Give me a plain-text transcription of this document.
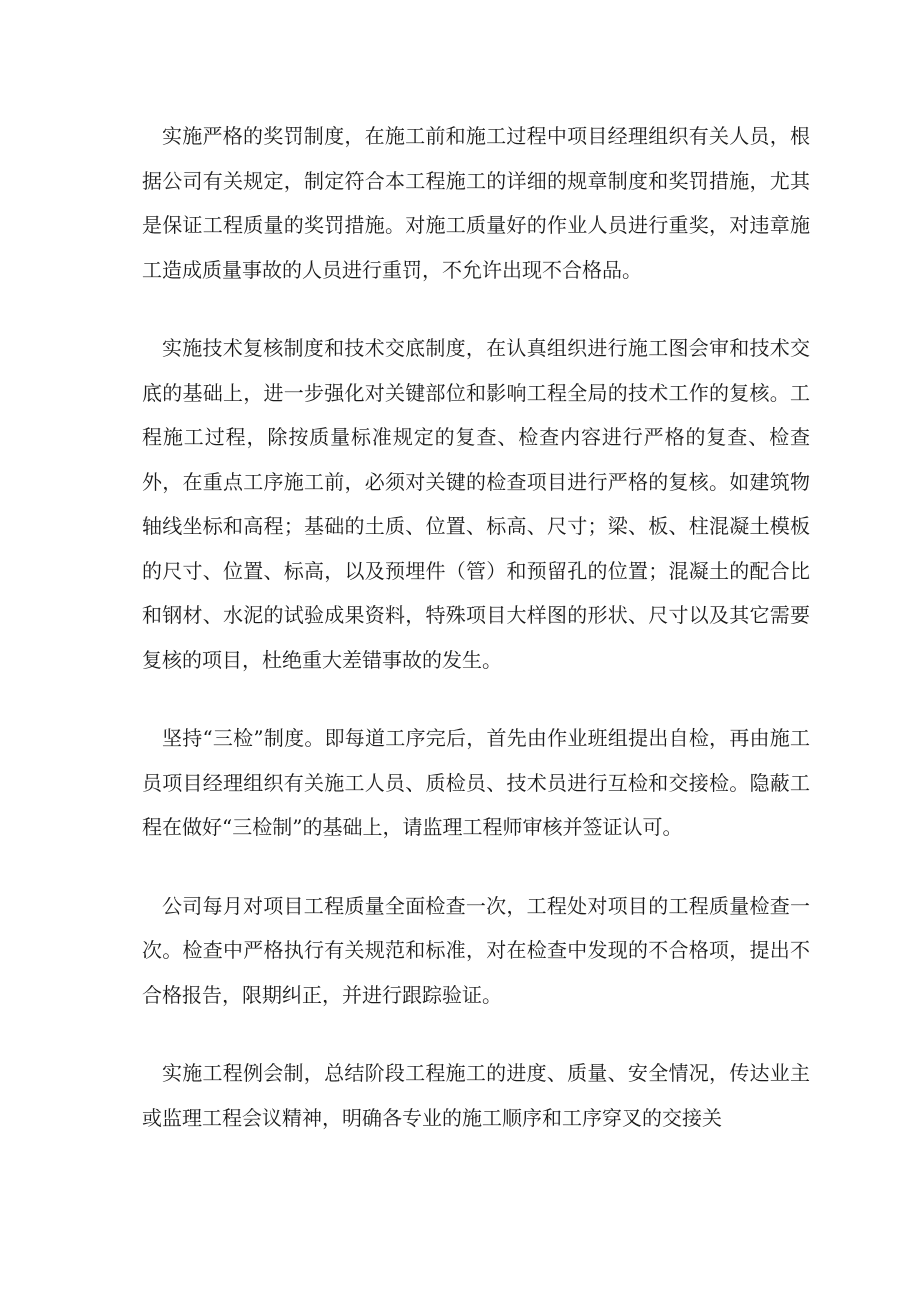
实施严格的奖罚制度，在施工前和施工过程中项目经理组织有关人员，根据公司有关规定，制定符合本工程施工的详细的规章制度和奖罚措施，尤其是保证工程质量的奖罚措施。对施工质量好的作业人员进行重奖，对违章施工造成质量事故的人员进行重罚，不允许出现不合格品。

实施技术复核制度和技术交底制度，在认真组织进行施工图会审和技术交底的基础上，进一步强化对关键部位和影响工程全局的技术工作的复核。工程施工过程，除按质量标准规定的复查、检查内容进行严格的复查、检查外，在重点工序施工前，必须对关键的检查项目进行严格的复核。如建筑物轴线坐标和高程；基础的土质、位置、标高、尺寸；梁、板、柱混凝土模板的尺寸、位置、标高，以及预埋件（管）和预留孔的位置；混凝土的配合比和钢材、水泥的试验成果资料，特殊项目大样图的形状、尺寸以及其它需要复核的项目，杜绝重大差错事故的发生。

坚持“三检”制度。即每道工序完后，首先由作业班组提出自检，再由施工员项目经理组织有关施工人员、质检员、技术员进行互检和交接检。隐蔽工程在做好“三检制”的基础上，请监理工程师审核并签证认可。

公司每月对项目工程质量全面检查一次，工程处对项目的工程质量检查一次。检查中严格执行有关规范和标准，对在检查中发现的不合格项，提出不合格报告，限期纠正，并进行跟踪验证。

实施工程例会制，总结阶段工程施工的进度、质量、安全情况，传达业主或监理工程会议精神，明确各专业的施工顺序和工序穿叉的交接关
